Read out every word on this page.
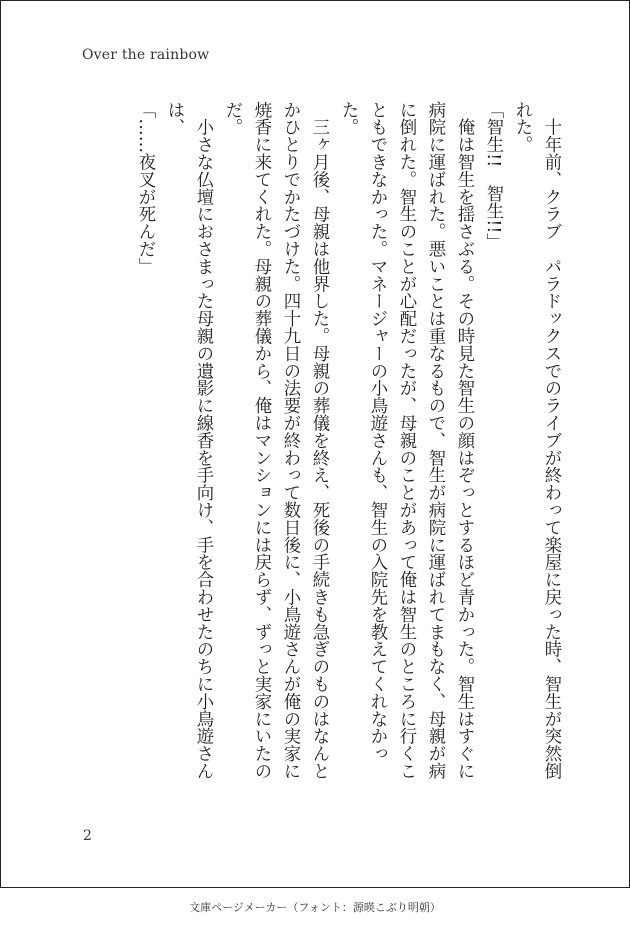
Over the rainbow

　十年前、クラブ　パラドックスでのライブが終わって楽屋に戻った時、智生が突然倒れた。

「智生!!　智生!!」

　俺は智生を揺さぶる。その時見た智生の顔はぞっとするほど青かった。智生はすぐに病院に運ばれた。悪いことは重なるもので、智生が病院に運ばれてまもなく、母親が病に倒れた。智生のことが心配だったが、母親のことがあって俺は智生のところに行くこともできなかった。マネージャーの小鳥遊さんも、智生の入院先を教えてくれなかった。

　三ヶ月後、母親は他界した。母親の葬儀を終え、死後の手続きも急ぎのものはなんとかひとりでかたづけた。四十九日の法要が終わって数日後に、小鳥遊さんが俺の実家に焼香に来てくれた。母親の葬儀から、俺はマンションには戻らず、ずっと実家にいたのだ。

　小さな仏壇におさまった母親の遺影に線香を手向け、手を合わせたのちに小鳥遊さんは、

「……夜叉が死んだ」

2
文庫ページメーカー（フォント：源暎こぶり明朝）
